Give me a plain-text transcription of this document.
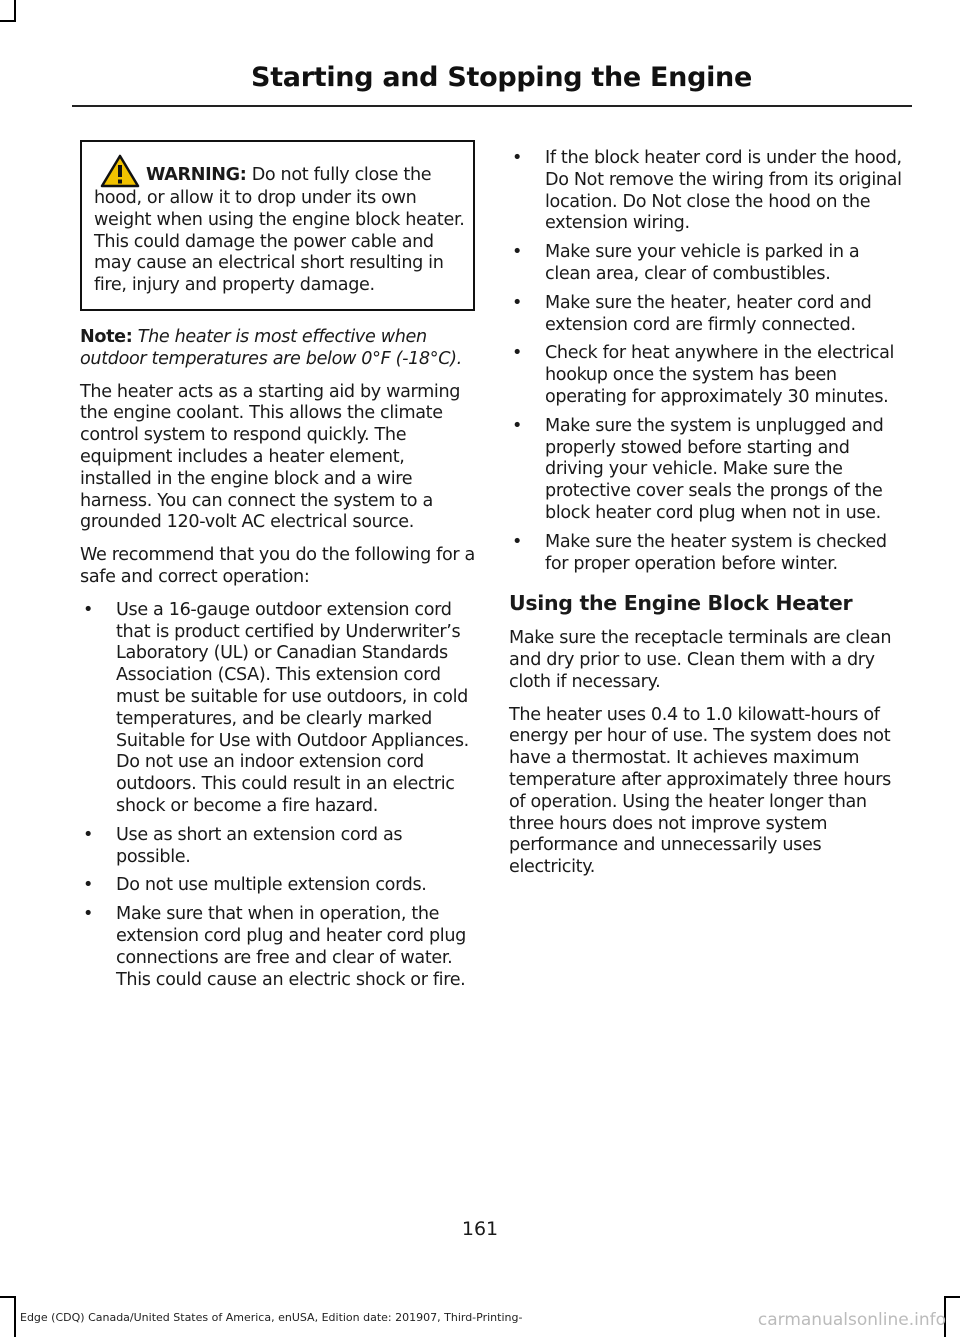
Starting and Stopping the Engine

WARNING: Do not fully close the hood, or allow it to drop under its own weight when using the engine block heater. This could damage the power cable and may cause an electrical short resulting in fire, injury and property damage.

Note: The heater is most effective when outdoor temperatures are below 0°F (-18°C).

The heater acts as a starting aid by warming the engine coolant. This allows the climate control system to respond quickly. The equipment includes a heater element, installed in the engine block and a wire harness. You can connect the system to a grounded 120-volt AC electrical source.

We recommend that you do the following for a safe and correct operation:

• Use a 16-gauge outdoor extension cord that is product certified by Underwriter’s Laboratory (UL) or Canadian Standards Association (CSA). This extension cord must be suitable for use outdoors, in cold temperatures, and be clearly marked Suitable for Use with Outdoor Appliances. Do not use an indoor extension cord outdoors. This could result in an electric shock or become a fire hazard.
• Use as short an extension cord as possible.
• Do not use multiple extension cords.
• Make sure that when in operation, the extension cord plug and heater cord plug connections are free and clear of water. This could cause an electric shock or fire.
• If the block heater cord is under the hood, Do Not remove the wiring from its original location. Do Not close the hood on the extension wiring.
• Make sure your vehicle is parked in a clean area, clear of combustibles.
• Make sure the heater, heater cord and extension cord are firmly connected.
• Check for heat anywhere in the electrical hookup once the system has been operating for approximately 30 minutes.
• Make sure the system is unplugged and properly stowed before starting and driving your vehicle. Make sure the protective cover seals the prongs of the block heater cord plug when not in use.
• Make sure the heater system is checked for proper operation before winter.
Using the Engine Block Heater

Make sure the receptacle terminals are clean and dry prior to use. Clean them with a dry cloth if necessary.

The heater uses 0.4 to 1.0 kilowatt-hours of energy per hour of use. The system does not have a thermostat. It achieves maximum temperature after approximately three hours of operation. Using the heater longer than three hours does not improve system performance and unnecessarily uses electricity.

161
Edge (CDQ) Canada/United States of America, enUSA, Edition date: 201907, Third-Printing-	carmanualsonline.info
